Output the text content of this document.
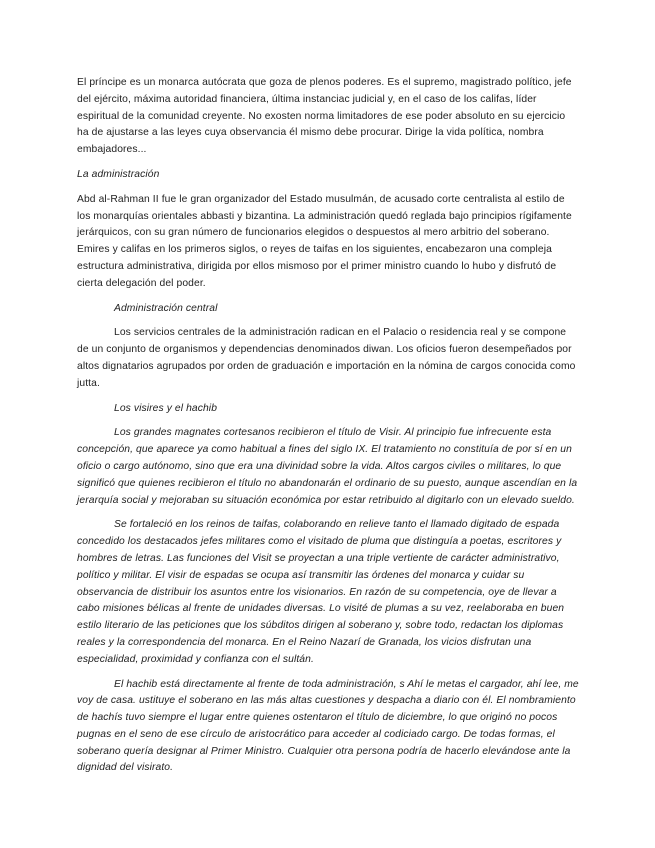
El príncipe es un monarca autócrata que goza de plenos poderes. Es el supremo, magistrado político, jefe del ejército, máxima autoridad financiera, última instanciac judicial y, en el caso de los califas, líder espiritual de la comunidad creyente. No exosten norma limitadores de ese poder absoluto en su ejercicio ha de ajustarse a las leyes cuya observancia él mismo debe procurar. Dirige la vida política, nombra embajadores...

La administración

Abd al-Rahman II fue le gran organizador del Estado musulmán, de acusado corte centralista al estilo de los monarquías orientales abbasti y bizantina. La administración quedó reglada bajo principios rígifamente jerárquicos, con su gran número de funcionarios elegidos o despuestos al mero arbitrio del soberano. Emires y califas en los primeros siglos, o reyes de taifas en los siguientes, encabezaron una compleja estructura administrativa, dirigida por ellos mismoso por el primer ministro cuando lo hubo y disfrutó de cierta delegación del poder.

Administración central

Los servicios centrales de la administración radican en el Palacio o residencia real y se compone de un conjunto de organismos y dependencias denominados diwan. Los oficios fueron desempeñados por altos dignatarios agrupados por orden de graduación e importación en la nómina de cargos conocida como jutta.

Los visires y el hachib

Los grandes magnates cortesanos recibieron el título de Visir. Al principio fue infrecuente esta concepción, que aparece ya como habitual a fines del siglo IX. El tratamiento no constituía de por sí en un oficio o cargo autónomo, sino que era una divinidad sobre la vida. Altos cargos civiles o militares, lo que significó que quienes recibieron el título no abandonarán el ordinario de su puesto, aunque ascendían en la jerarquía social y mejoraban su situación económica por estar retribuido al digitarlo con un elevado sueldo.

Se fortaleció en los reinos de taifas, colaborando en relieve tanto el llamado digitado de espada concedido los destacados jefes militares como el visitado de pluma que distinguía a poetas, escritores y hombres de letras. Las funciones del Visit se proyectan a una triple vertiente de carácter administrativo, político y militar. El visir de espadas se ocupa así transmitir las órdenes del monarca y cuidar su observancia de distribuir los asuntos entre los visionarios. En razón de su competencia, oye de llevar a cabo misiones bélicas al frente de unidades diversas. Lo visité de plumas a su vez, reelaboraba en buen estilo literario de las peticiones que los súbditos dirigen al soberano y, sobre todo, redactan los diplomas reales y la correspondencia del monarca. En el Reino Nazarí de Granada, los vicios disfrutan una especialidad, proximidad y confianza con el sultán.

El hachib está directamente al frente de toda administración, s Ahí le metas el cargador, ahí lee, me voy de casa. ustituye el soberano en las más altas cuestiones y despacha a diario con él. El nombramiento de hachís tuvo siempre el lugar entre quienes ostentaron el título de diciembre, lo que originó no pocos pugnas en el seno de ese círculo de aristocrático para acceder al codiciado cargo. De todas formas, el soberano quería designar al Primer Ministro. Cualquier otra persona podría de hacerlo elevándose ante la dignidad del visirato.
